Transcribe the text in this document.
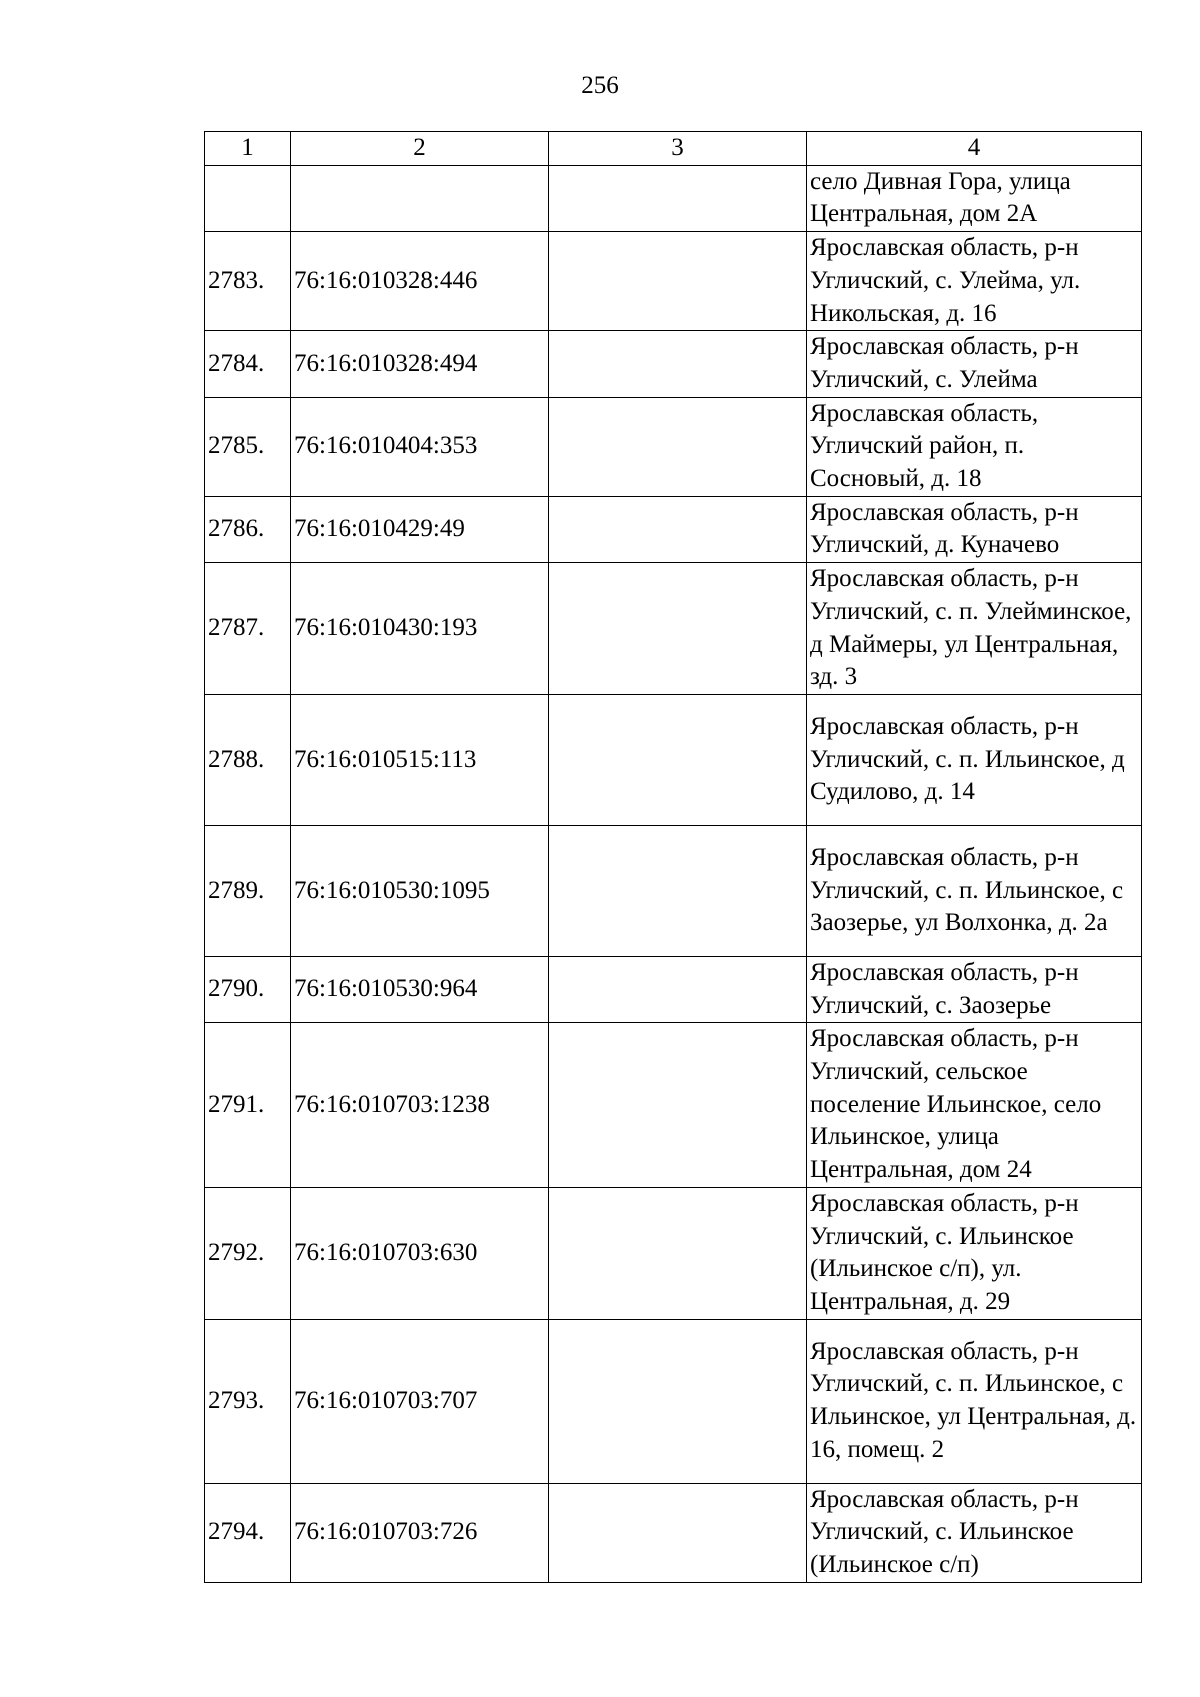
256
1	2	3	4
			село Дивная Гора, улица Центральная, дом 2А
2783.	76:16:010328:446		Ярославская область, р-н Угличский, с. Улейма, ул. Никольская, д. 16
2784.	76:16:010328:494		Ярославская область, р-н Угличский, с. Улейма
2785.	76:16:010404:353		Ярославская область, Угличский район, п. Сосновый, д. 18
2786.	76:16:010429:49		Ярославская область, р-н Угличский, д. Куначево
2787.	76:16:010430:193		Ярославская область, р-н Угличский, с. п. Улейминское, д Маймеры, ул Центральная, зд. 3
2788.	76:16:010515:113		Ярославская область, р-н Угличский, с. п. Ильинское, д Судилово, д. 14
2789.	76:16:010530:1095		Ярославская область, р-н Угличский, с. п. Ильинское, с Заозерье, ул Волхонка, д. 2а
2790.	76:16:010530:964		Ярославская область, р-н Угличский, с. Заозерье
2791.	76:16:010703:1238		Ярославская область, р-н Угличский, сельское поселение Ильинское, село Ильинское, улица Центральная, дом 24
2792.	76:16:010703:630		Ярославская область, р-н Угличский, с. Ильинское (Ильинское с/п), ул. Центральная, д. 29
2793.	76:16:010703:707		Ярославская область, р-н Угличский, с. п. Ильинское, с Ильинское, ул Центральная, д. 16, помещ. 2
2794.	76:16:010703:726		Ярославская область, р-н Угличский, с. Ильинское (Ильинское с/п)
